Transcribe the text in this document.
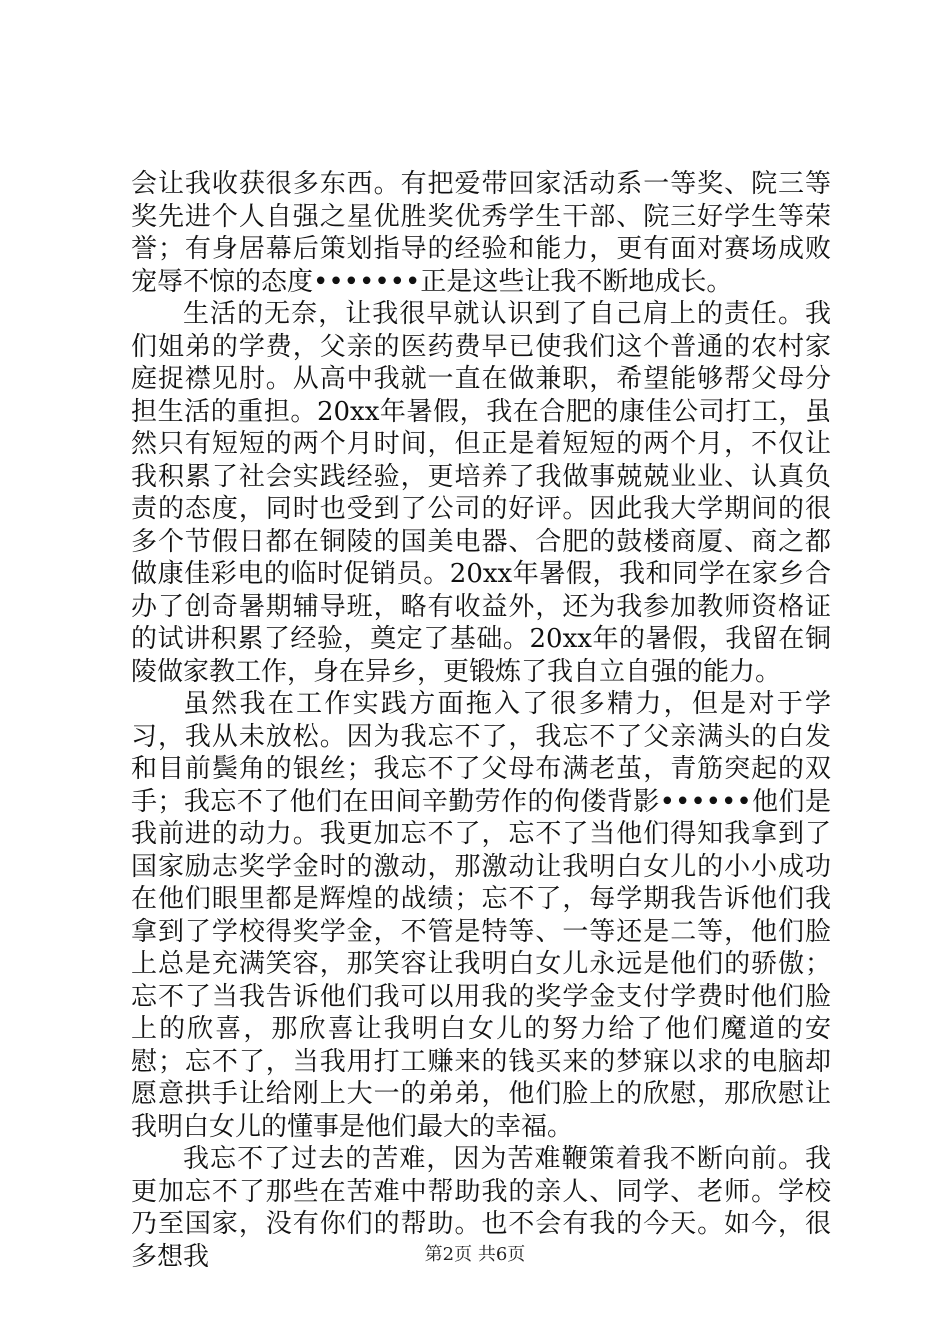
会让我收获很多东西。有把爱带回家活动系一等奖、院三等奖先进个人自强之星优胜奖优秀学生干部、院三好学生等荣誉；有身居幕后策划指导的经验和能力，更有面对赛场成败宠辱不惊的态度•••••••正是这些让我不断地成长。

生活的无奈，让我很早就认识到了自己肩上的责任。我们姐弟的学费，父亲的医药费早已使我们这个普通的农村家庭捉襟见肘。从高中我就一直在做兼职，希望能够帮父母分担生活的重担。20xx年暑假，我在合肥的康佳公司打工，虽然只有短短的两个月时间，但正是着短短的两个月，不仅让我积累了社会实践经验，更培养了我做事兢兢业业、认真负责的态度，同时也受到了公司的好评。因此我大学期间的很多个节假日都在铜陵的国美电器、合肥的鼓楼商厦、商之都做康佳彩电的临时促销员。20xx年暑假，我和同学在家乡合办了创奇暑期辅导班，略有收益外，还为我参加教师资格证的试讲积累了经验，奠定了基础。20xx年的暑假，我留在铜陵做家教工作，身在异乡，更锻炼了我自立自强的能力。

虽然我在工作实践方面拖入了很多精力，但是对于学习，我从未放松。因为我忘不了，我忘不了父亲满头的白发和目前鬓角的银丝；我忘不了父母布满老茧，青筋突起的双手；我忘不了他们在田间辛勤劳作的佝偻背影••••••他们是我前进的动力。我更加忘不了，忘不了当他们得知我拿到了国家励志奖学金时的激动，那激动让我明白女儿的小小成功在他们眼里都是辉煌的战绩；忘不了，每学期我告诉他们我拿到了学校得奖学金，不管是特等、一等还是二等，他们脸上总是充满笑容，那笑容让我明白女儿永远是他们的骄傲；忘不了当我告诉他们我可以用我的奖学金支付学费时他们脸上的欣喜，那欣喜让我明白女儿的努力给了他们魔道的安慰；忘不了，当我用打工赚来的钱买来的梦寐以求的电脑却愿意拱手让给刚上大一的弟弟，他们脸上的欣慰，那欣慰让我明白女儿的懂事是他们最大的幸福。

我忘不了过去的苦难，因为苦难鞭策着我不断向前。我更加忘不了那些在苦难中帮助我的亲人、同学、老师。学校乃至国家，没有你们的帮助。也不会有我的今天。如今，很多想我	第2页 共6页
